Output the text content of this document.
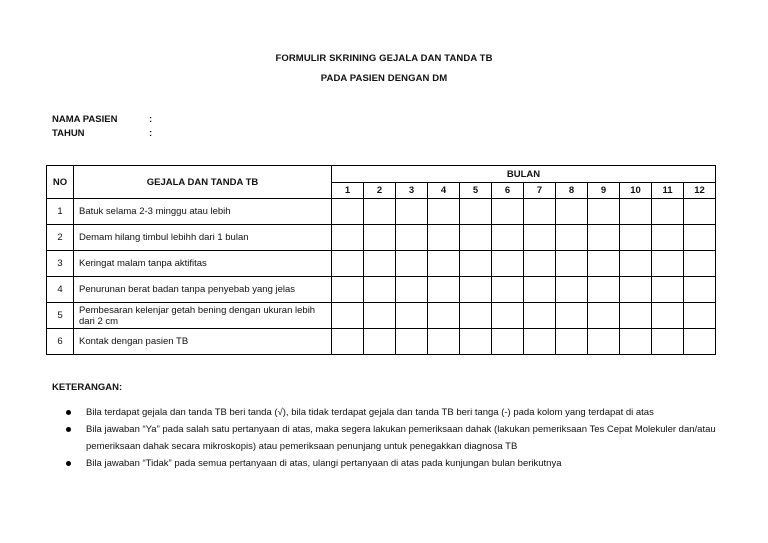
FORMULIR SKRINING GEJALA DAN TANDA TB
PADA PASIEN DENGAN DM
NAMA PASIEN	:
TAHUN	:
NO	GEJALA DAN TANDA TB	BULAN											
		1	2	3	4	5	6	7	8	9	10	11	12
1	Batuk selama 2-3 minggu atau lebih												
2	Demam hilang timbul lebihh dari 1 bulan												
3	Keringat malam tanpa aktifitas												
4	Penurunan berat badan tanpa penyebab yang jelas												
5	Pembesaran kelenjar getah bening dengan ukuran lebih dari 2 cm												
6	Kontak dengan pasien TB												
KETERANGAN:
Bila terdapat gejala dan tanda TB beri tanda (√), bila tidak terdapat gejala dan tanda TB beri tanga (-) pada kolom yang terdapat di atas
Bila jawaban “Ya” pada salah satu pertanyaan di atas, maka segera lakukan pemeriksaan dahak (lakukan pemeriksaan Tes Cepat Molekuler dan/atau pemeriksaan dahak secara mikroskopis) atau pemeriksaan penunjang untuk penegakkan diagnosa TB
Bila jawaban “Tidak” pada semua pertanyaan di atas, ulangi pertanyaan di atas pada kunjungan bulan berikutnya
